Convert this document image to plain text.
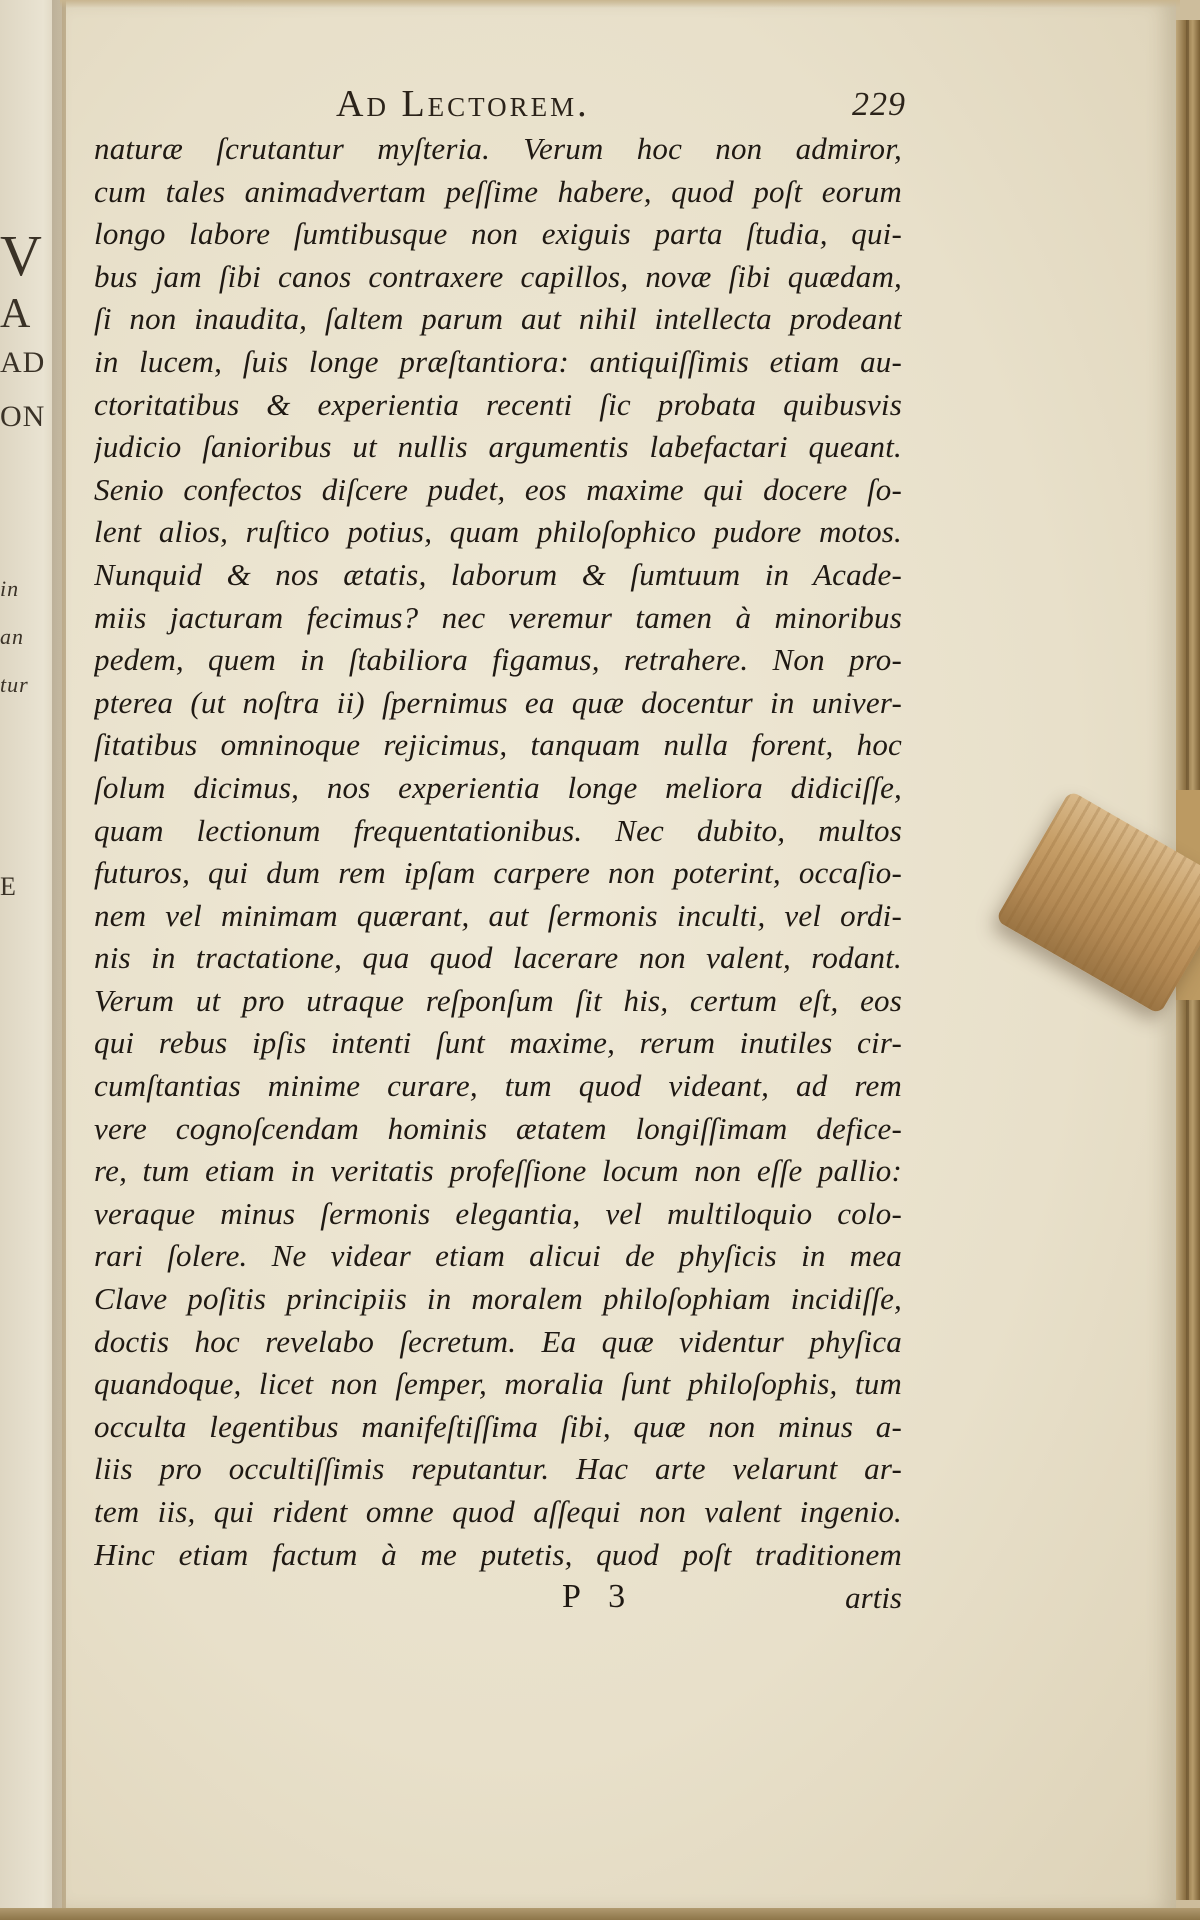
V
A
AD
ON
in
an
tur
E
Ad Lectorem.	229
naturæ ſcrutantur myſteria. Verum hoc non admiror,
cum tales animadvertam peſſime habere, quod poſt eorum
longo labore ſumtibusque non exiguis parta ſtudia, qui-
bus jam ſibi canos contraxere capillos, novæ ſibi quædam,
ſi non inaudita, ſaltem parum aut nihil intellecta prodeant
in lucem, ſuis longe præſtantiora: antiquiſſimis etiam au-
ctoritatibus & experientia recenti ſic probata quibusvis
judicio ſanioribus ut nullis argumentis labefactari queant.
Senio confectos diſcere pudet, eos maxime qui docere ſo-
lent alios, ruſtico potius, quam philoſophico pudore motos.
Nunquid & nos ætatis, laborum & ſumtuum in Acade-
miis jacturam fecimus? nec veremur tamen à minoribus
pedem, quem in ſtabiliora figamus, retrahere. Non pro-
pterea (ut noſtra ii) ſpernimus ea quæ docentur in univer-
ſitatibus omninoque rejicimus, tanquam nulla forent, hoc
ſolum dicimus, nos experientia longe meliora didiciſſe,
quam lectionum frequentationibus. Nec dubito, multos
futuros, qui dum rem ipſam carpere non poterint, occaſio-
nem vel minimam quærant, aut ſermonis inculti, vel ordi-
nis in tractatione, qua quod lacerare non valent, rodant.
Verum ut pro utraque reſponſum ſit his, certum eſt, eos
qui rebus ipſis intenti ſunt maxime, rerum inutiles cir-
cumſtantias minime curare, tum quod videant, ad rem
vere cognoſcendam hominis ætatem longiſſimam defice-
re, tum etiam in veritatis profeſſione locum non eſſe pallio:
veraque minus ſermonis elegantia, vel multiloquio colo-
rari ſolere. Ne videar etiam alicui de phyſicis in mea
Clave poſitis principiis in moralem philoſophiam incidiſſe,
doctis hoc revelabo ſecretum. Ea quæ videntur phyſica
quandoque, licet non ſemper, moralia ſunt philoſophis, tum
occulta legentibus manifeſtiſſima ſibi, quæ non minus a-
liis pro occultiſſimis reputantur. Hac arte velarunt ar-
tem iis, qui rident omne quod aſſequi non valent ingenio.
Hinc etiam factum à me putetis, quod poſt traditionem
P 3	artis
